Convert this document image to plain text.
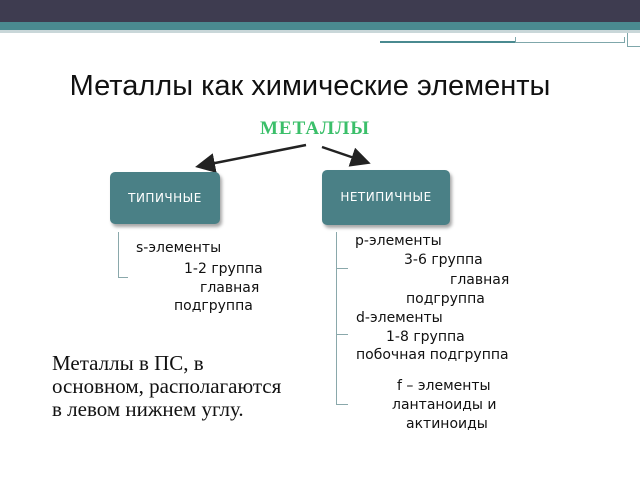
Металлы как химические элементы
МЕТАЛЛЫ
ТИПИЧНЫЕ	НЕТИПИЧНЫЕ
s-элементы
1-2 группа
главная
подгруппа
р-элементы
3-6 группа
главная
подгруппа
d-элементы
1-8 группа
побочная подгруппа
f – элементы
лантаноиды и
актиноиды
Металлы в ПС, в основном, располагаются в левом нижнем углу.
